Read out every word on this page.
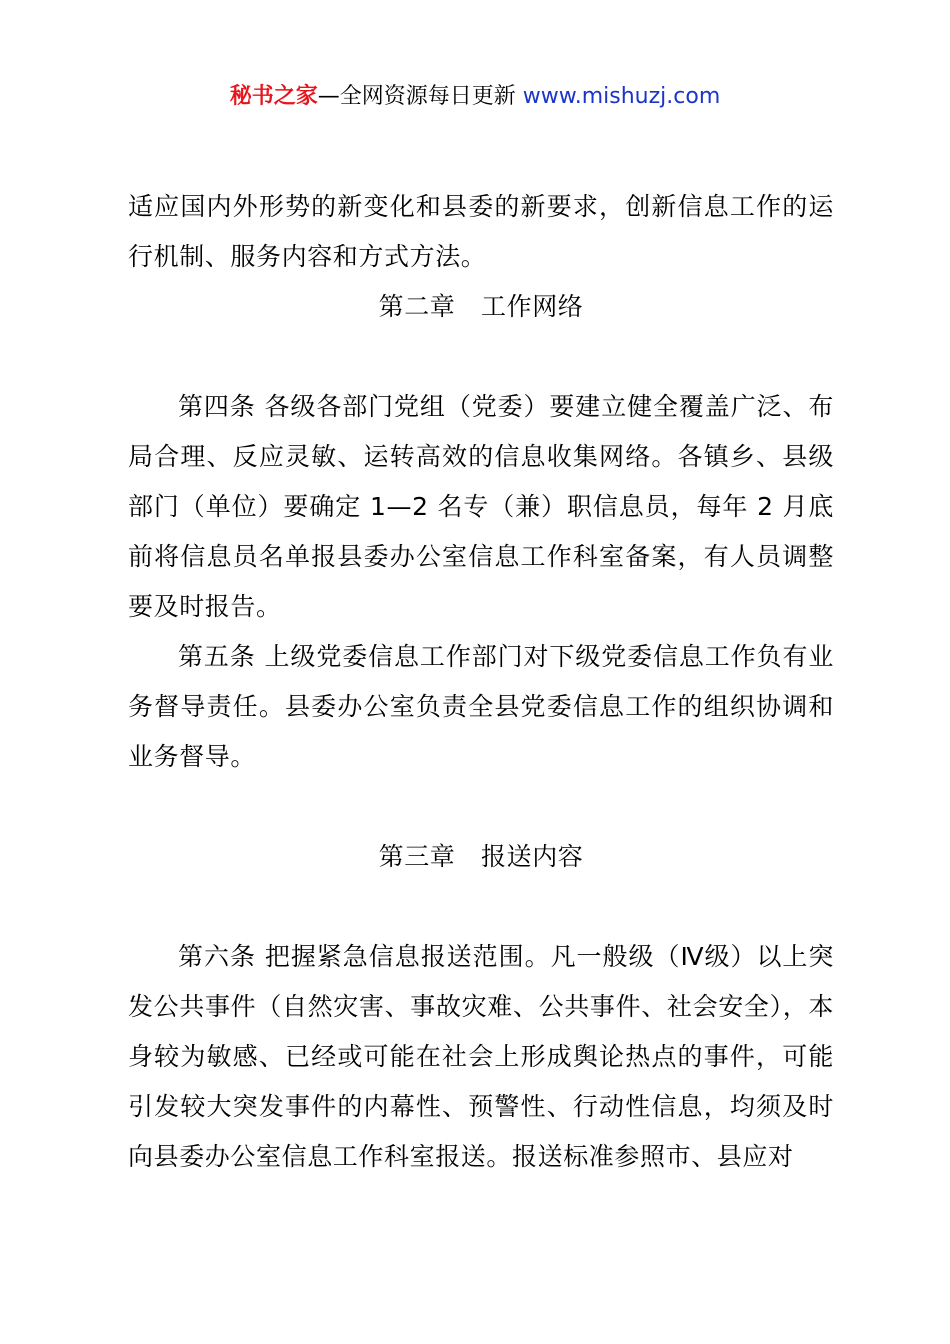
秘书之家—全网资源每日更新 www.mishuzj.com

适应国内外形势的新变化和县委的新要求，创新信息工作的运行机制、服务内容和方式方法。

第二章　工作网络

第四条 各级各部门党组（党委）要建立健全覆盖广泛、布局合理、反应灵敏、运转高效的信息收集网络。各镇乡、县级部门（单位）要确定 1—2 名专（兼）职信息员，每年 2 月底前将信息员名单报县委办公室信息工作科室备案，有人员调整要及时报告。

第五条 上级党委信息工作部门对下级党委信息工作负有业务督导责任。县委办公室负责全县党委信息工作的组织协调和业务督导。

第三章　报送内容

第六条 把握紧急信息报送范围。凡一般级（Ⅳ级）以上突发公共事件（自然灾害、事故灾难、公共事件、社会安全），本身较为敏感、已经或可能在社会上形成舆论热点的事件，可能引发较大突发事件的内幕性、预警性、行动性信息，均须及时向县委办公室信息工作科室报送。报送标准参照市、县应对
